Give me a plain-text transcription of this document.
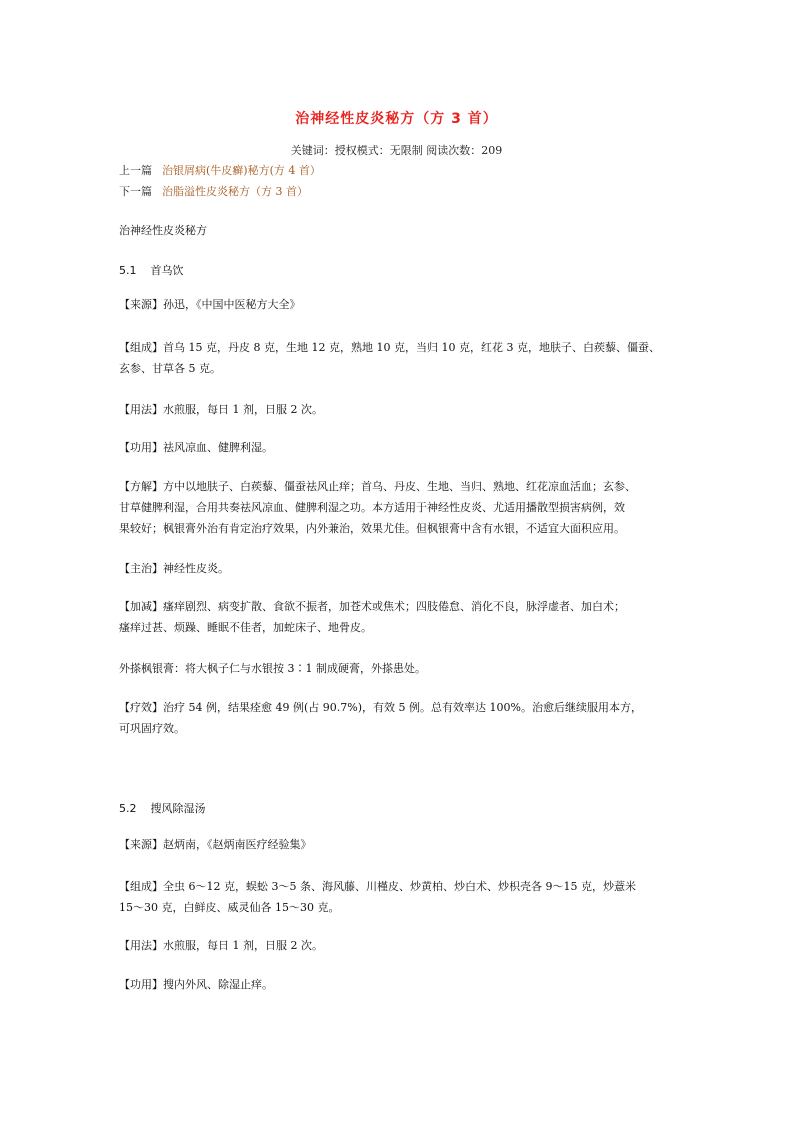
治神经性皮炎秘方（方 3 首）
关键词：授权模式：无限制 阅读次数：209
上一篇 治银屑病(牛皮癣)秘方(方 4 首）
下一篇 治脂溢性皮炎秘方（方 3 首）
治神经性皮炎秘方
5.1 首乌饮
【来源】孙迅，《中国中医秘方大全》
【组成】首乌 15 克，丹皮 8 克，生地 12 克，熟地 10 克，当归 10 克，红花 3 克，地肤子、白蒺藜、僵蚕、
玄参、甘草各 5 克。
【用法】水煎服，每日 1 剂，日服 2 次。
【功用】祛风凉血、健脾利湿。
【方解】方中以地肤子、白蒺藜、僵蚕祛风止痒；首乌、丹皮、生地、当归、熟地、红花凉血活血；玄参、
甘草健脾利湿，合用共奏祛风凉血、健脾利湿之功。本方适用于神经性皮炎、尤适用播散型损害病例，效
果较好；枫银膏外治有肯定治疗效果，内外兼治，效果尤佳。但枫银膏中含有水银，不适宜大面积应用。
【主治】神经性皮炎。
【加减】瘙痒剧烈、病变扩散、食欲不振者，加苍术或焦术；四肢倦怠、消化不良，脉浮虚者、加白术；
瘙痒过甚、烦躁、睡眠不佳者，加蛇床子、地骨皮。
外搽枫银膏：将大枫子仁与水银按 3∶1 制成硬膏，外搽患处。
【疗效】治疗 54 例，结果痊愈 49 例(占 90.7%)，有效 5 例。总有效率达 100%。治愈后继续服用本方，
可巩固疗效。
5.2 搜风除湿汤
【来源】赵炳南，《赵炳南医疗经验集》
【组成】全虫 6～12 克，蜈蚣 3～5 条、海风藤、川槿皮、炒黄柏、炒白术、炒枳壳各 9～15 克，炒薏米
15～30 克，白鲜皮、威灵仙各 15～30 克。
【用法】水煎服，每日 1 剂，日服 2 次。
【功用】搜内外风、除湿止痒。
